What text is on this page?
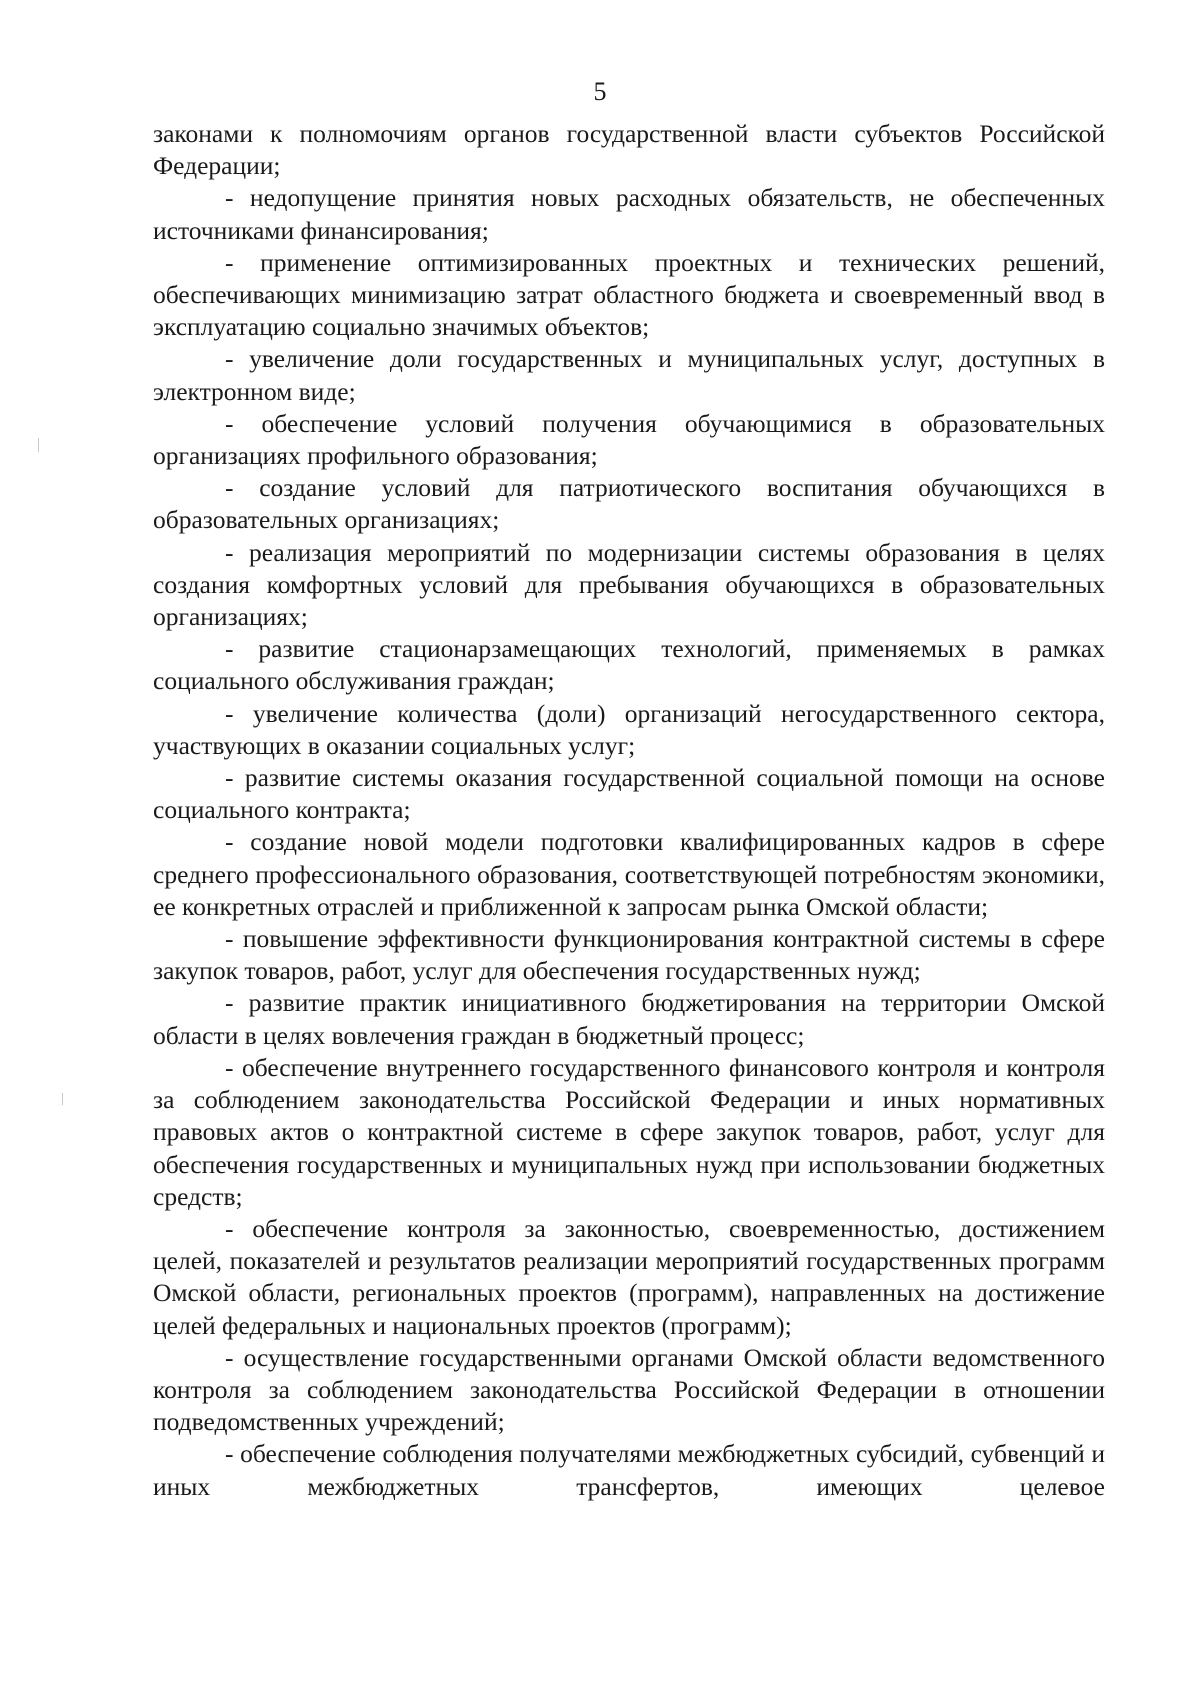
5

законами к полномочиям органов государственной власти субъектов Российской Федерации;

- недопущение принятия новых расходных обязательств, не обеспеченных источниками финансирования;

- применение оптимизированных проектных и технических решений, обеспечивающих минимизацию затрат областного бюджета и своевременный ввод в эксплуатацию социально значимых объектов;

- увеличение доли государственных и муниципальных услуг, доступных в электронном виде;

- обеспечение условий получения обучающимися в образовательных организациях профильного образования;

- создание условий для патриотического воспитания обучающихся в образовательных организациях;

- реализация мероприятий по модернизации системы образования в целях создания комфортных условий для пребывания обучающихся в образовательных организациях;

- развитие стационарзамещающих технологий, применяемых в рамках социального обслуживания граждан;

- увеличение количества (доли) организаций негосударственного сектора, участвующих в оказании социальных услуг;

- развитие системы оказания государственной социальной помощи на основе социального контракта;

- создание новой модели подготовки квалифицированных кадров в сфере среднего профессионального образования, соответствующей потребностям экономики, ее конкретных отраслей и приближенной к запросам рынка Омской области;

- повышение эффективности функционирования контрактной системы в сфере закупок товаров, работ, услуг для обеспечения государственных нужд;

- развитие практик инициативного бюджетирования на территории Омской области в целях вовлечения граждан в бюджетный процесс;

- обеспечение внутреннего государственного финансового контроля и контроля за соблюдением законодательства Российской Федерации и иных нормативных правовых актов о контрактной системе в сфере закупок товаров, работ, услуг для обеспечения государственных и муниципальных нужд при использовании бюджетных средств;

- обеспечение контроля за законностью, своевременностью, достижением целей, показателей и результатов реализации мероприятий государственных программ Омской области, региональных проектов (программ), направленных на достижение целей федеральных и национальных проектов (программ);

- осуществление государственными органами Омской области ведомственного контроля за соблюдением законодательства Российской Федерации в отношении подведомственных учреждений;

- обеспечение соблюдения получателями межбюджетных субсидий, субвенций и иных межбюджетных трансфертов, имеющих целевое
